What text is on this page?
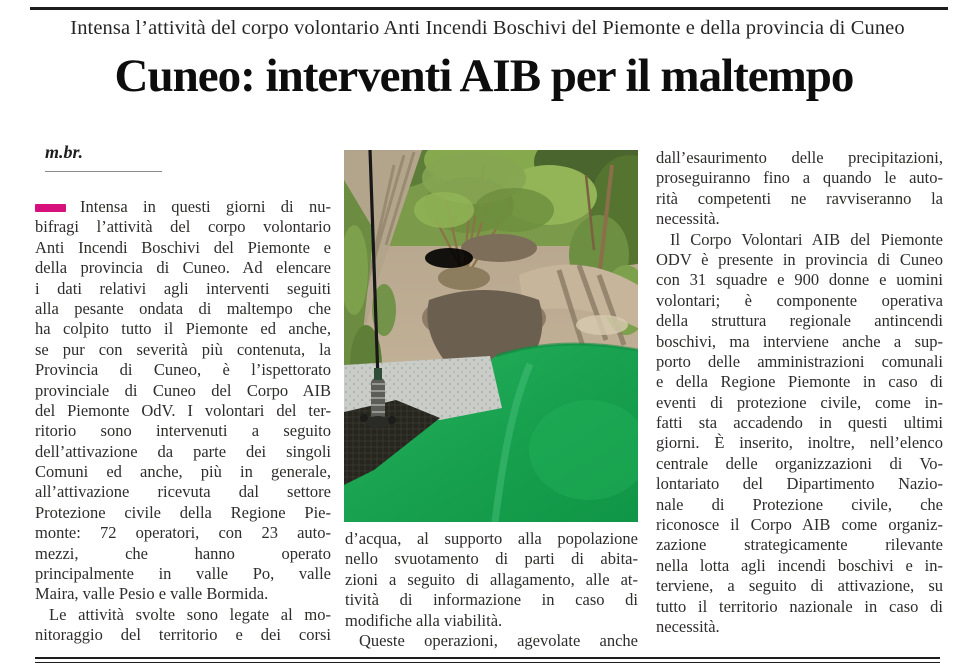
Intensa l’attività del corpo volontario Anti Incendi Boschivi del Piemonte e della provincia di Cuneo
Cuneo: interventi AIB per il maltempo
m.br.
Intensa in questi giorni di nu-
bifragi l’attività del corpo volontario
Anti Incendi Boschivi del Piemonte e
della provincia di Cuneo. Ad elencare
i dati relativi agli interventi seguiti
alla pesante ondata di maltempo che
ha colpito tutto il Piemonte ed anche,
se pur con severità più contenuta, la
Provincia di Cuneo, è l’ispettorato
provinciale di Cuneo del Corpo AIB
del Piemonte OdV. I volontari del ter-
ritorio sono intervenuti a seguito
dell’attivazione da parte dei singoli
Comuni ed anche, più in generale,
all’attivazione ricevuta dal settore
Protezione civile della Regione Pie-
monte: 72 operatori, con 23 auto-
mezzi, che hanno operato
principalmente in valle Po, valle
Maira, valle Pesio e valle Bormida.
Le attività svolte sono legate al mo-
nitoraggio del territorio e dei corsi
d’acqua, al supporto alla popolazione
nello svuotamento di parti di abita-
zioni a seguito di allagamento, alle at-
tività di informazione in caso di
modifiche alla viabilità.
Queste operazioni, agevolate anche
dall’esaurimento delle precipitazioni,
proseguiranno fino a quando le auto-
rità competenti ne ravviseranno la
necessità.
Il Corpo Volontari AIB del Piemonte
ODV è presente in provincia di Cuneo
con 31 squadre e 900 donne e uomini
volontari; è componente operativa
della struttura regionale antincendi
boschivi, ma interviene anche a sup-
porto delle amministrazioni comunali
e della Regione Piemonte in caso di
eventi di protezione civile, come in-
fatti sta accadendo in questi ultimi
giorni. È inserito, inoltre, nell’elenco
centrale delle organizzazioni di Vo-
lontariato del Dipartimento Nazio-
nale di Protezione civile, che
riconosce il Corpo AIB come organiz-
zazione strategicamente rilevante
nella lotta agli incendi boschivi e in-
terviene, a seguito di attivazione, su
tutto il territorio nazionale in caso di
necessità.
